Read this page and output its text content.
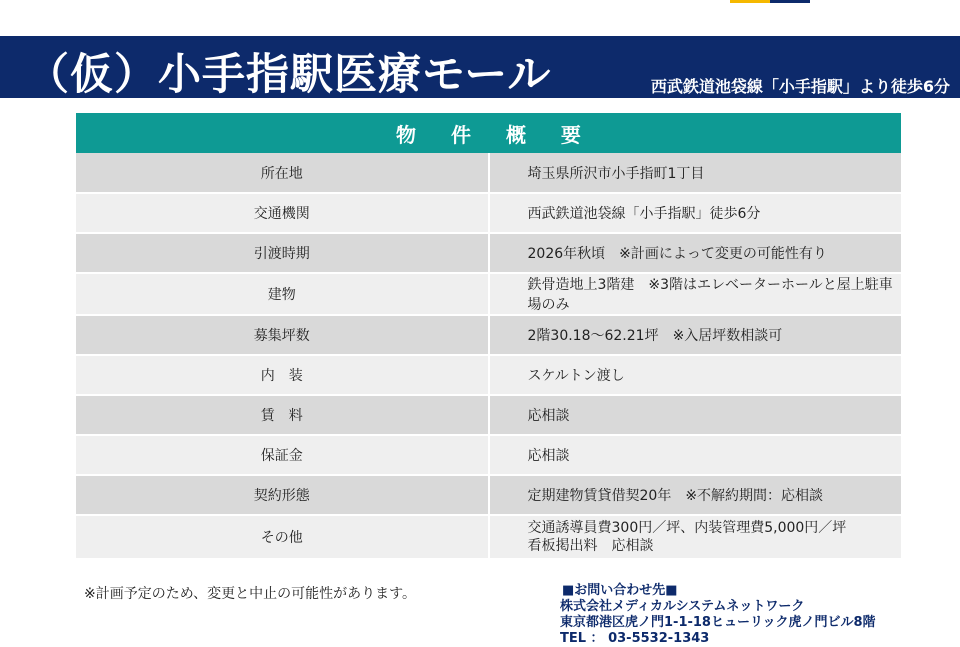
（仮）小手指駅医療モール	西武鉄道池袋線「小手指駅」より徒歩6分
物 件 概 要	
所在地	埼玉県所沢市小手指町1丁目
交通機関	西武鉄道池袋線「小手指駅」徒歩6分
引渡時期	2026年秋頃　※計画によって変更の可能性有り
建物	鉄骨造地上3階建　※3階はエレベーターホールと屋上駐車場のみ
募集坪数	2階30.18～62.21坪　※入居坪数相談可
内　装	スケルトン渡し
賃　料	応相談
保証金	応相談
契約形態	定期建物賃貸借契20年　※不解約期間：応相談
その他	交通誘導員費300円／坪、内装管理費5,000円／坪
看板掲出料　応相談
※計画予定のため、変更と中止の可能性があります。	■お問い合わせ先■
株式会社メディカルシステムネットワーク
東京都港区虎ノ門1-1-18ヒューリック虎ノ門ビル8階
TEL ： 03-5532-1343
